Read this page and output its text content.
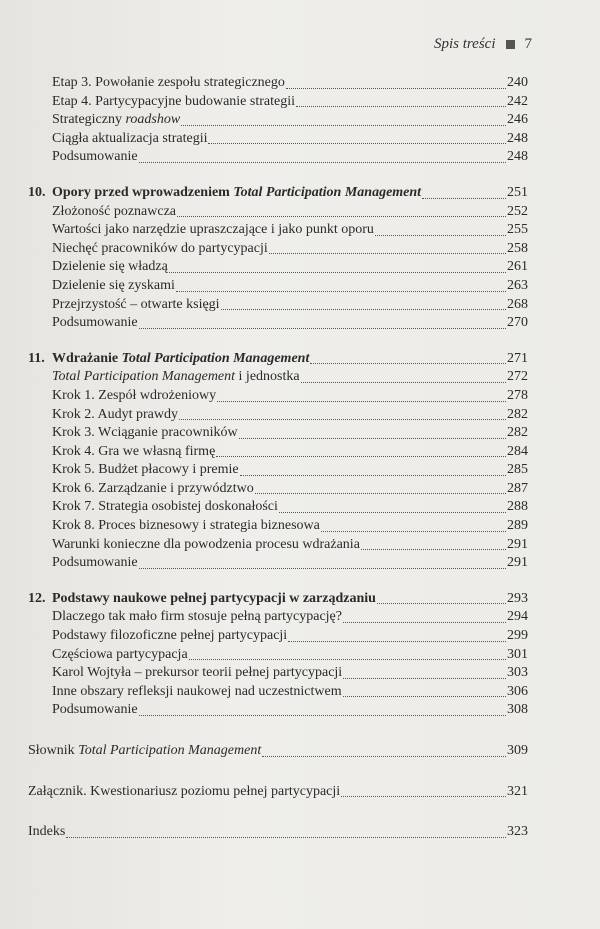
Spis treści 7
Etap 3. Powołanie zespołu strategicznego	240
Etap 4. Partycypacyjne budowanie strategii	242
Strategiczny roadshow	246
Ciągła aktualizacja strategii	248
Podsumowanie	248
10. Opory przed wprowadzeniem Total Participation Management	251
Złożoność poznawcza	252
Wartości jako narzędzie upraszczające i jako punkt oporu	255
Niechęć pracowników do partycypacji	258
Dzielenie się władzą	261
Dzielenie się zyskami	263
Przejrzystość – otwarte księgi	268
Podsumowanie	270
11. Wdrażanie Total Participation Management	271
Total Participation Management i jednostka	272
Krok 1. Zespół wdrożeniowy	278
Krok 2. Audyt prawdy	282
Krok 3. Wciąganie pracowników	282
Krok 4. Gra we własną firmę	284
Krok 5. Budżet płacowy i premie	285
Krok 6. Zarządzanie i przywództwo	287
Krok 7. Strategia osobistej doskonałości	288
Krok 8. Proces biznesowy i strategia biznesowa	289
Warunki konieczne dla powodzenia procesu wdrażania	291
Podsumowanie	291
12. Podstawy naukowe pełnej partycypacji w zarządzaniu	293
Dlaczego tak mało firm stosuje pełną partycypację?	294
Podstawy filozoficzne pełnej partycypacji	299
Częściowa partycypacja	301
Karol Wojtyła – prekursor teorii pełnej partycypacji	303
Inne obszary refleksji naukowej nad uczestnictwem	306
Podsumowanie	308
Słownik Total Participation Management	309
Załącznik. Kwestionariusz poziomu pełnej partycypacji	321
Indeks	323
